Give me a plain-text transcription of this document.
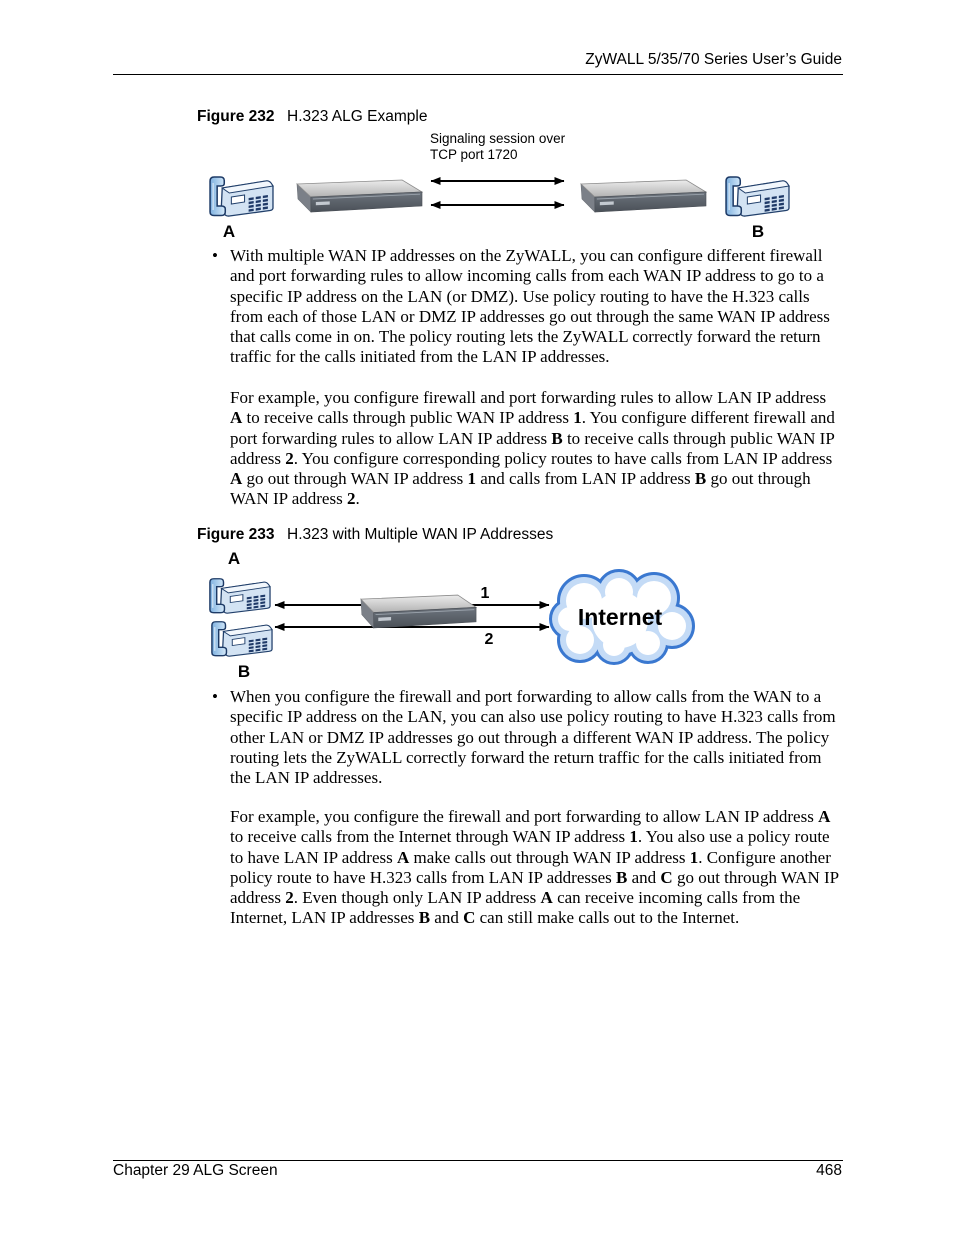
ZyWALL 5/35/70 Series User’s Guide
Figure 232 H.323 ALG Example
Signaling session over
TCP port 1720
A	B
• With multiple WAN IP addresses on the ZyWALL, you can configure different firewall
and port forwarding rules to allow incoming calls from each WAN IP address to go to a
specific IP address on the LAN (or DMZ). Use policy routing to have the H.323 calls
from each of those LAN or DMZ IP addresses go out through the same WAN IP address
that calls come in on. The policy routing lets the ZyWALL correctly forward the return
traffic for the calls initiated from the LAN IP addresses.
For example, you configure firewall and port forwarding rules to allow LAN IP address
A to receive calls through public WAN IP address 1. You configure different firewall and
port forwarding rules to allow LAN IP address B to receive calls through public WAN IP
address 2. You configure corresponding policy routes to have calls from LAN IP address
A go out through WAN IP address 1 and calls from LAN IP address B go out through
WAN IP address 2.
Figure 233 H.323 with Multiple WAN IP Addresses
A
B
1
2
Internet
• When you configure the firewall and port forwarding to allow calls from the WAN to a
specific IP address on the LAN, you can also use policy routing to have H.323 calls from
other LAN or DMZ IP addresses go out through a different WAN IP address. The policy
routing lets the ZyWALL correctly forward the return traffic for the calls initiated from
the LAN IP addresses.
For example, you configure the firewall and port forwarding to allow LAN IP address A
to receive calls from the Internet through WAN IP address 1. You also use a policy route
to have LAN IP address A make calls out through WAN IP address 1. Configure another
policy route to have H.323 calls from LAN IP addresses B and C go out through WAN IP
address 2. Even though only LAN IP address A can receive incoming calls from the
Internet, LAN IP addresses B and C can still make calls out to the Internet.
Chapter 29 ALG Screen	468
